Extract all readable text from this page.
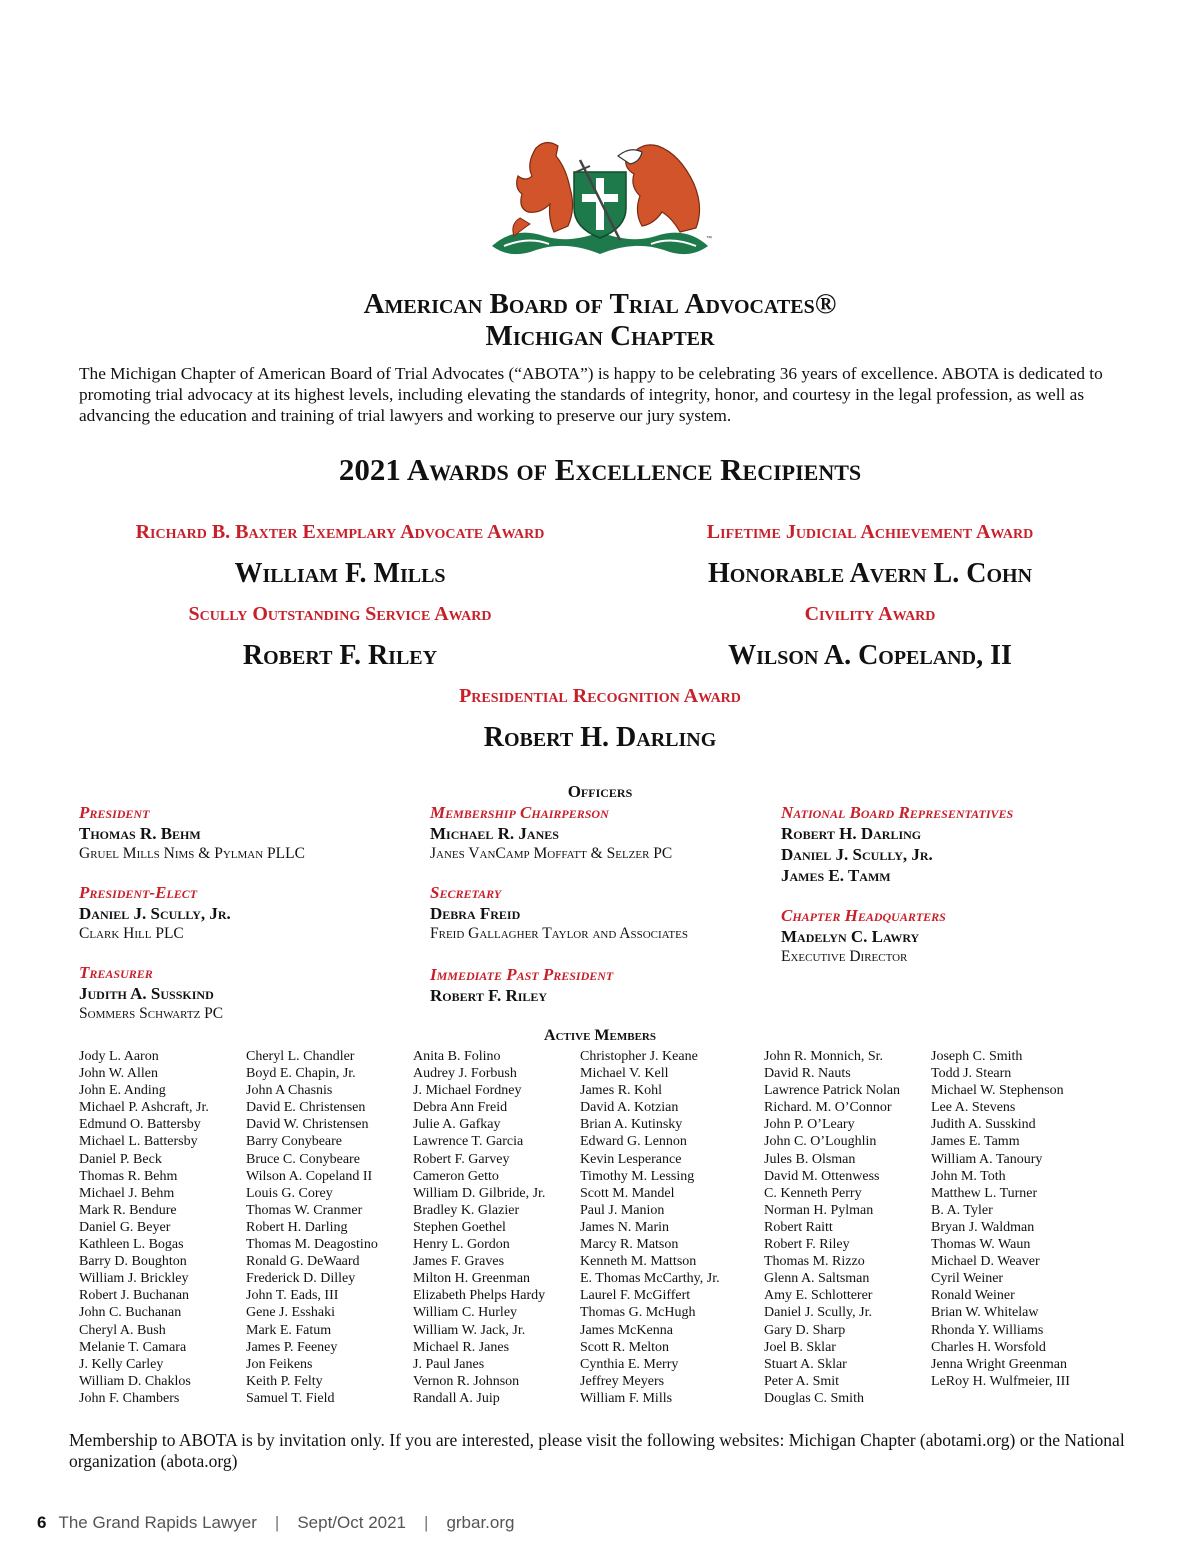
™
American Board of Trial Advocates®
Michigan Chapter
The Michigan Chapter of American Board of Trial Advocates (“ABOTA”) is happy to be celebrating 36 years of excellence. ABOTA is dedicated to promoting trial advocacy at its highest levels, including elevating the standards of integrity, honor, and courtesy in the legal profession, as well as advancing the education and training of trial lawyers and working to preserve our jury system.
2021 Awards of Excellence Recipients
Richard B. Baxter Exemplary Advocate Award
William F. Mills
Lifetime Judicial Achievement Award
Honorable Avern L. Cohn
Scully Outstanding Service Award
Robert F. Riley
Civility Award
Wilson A. Copeland, II
Presidential Recognition Award
Robert H. Darling
Officers
President
Thomas R. Behm
Gruel Mills Nims & Pylman PLLC
President-Elect
Daniel J. Scully, Jr.
Clark Hill PLC
Treasurer
Judith A. Susskind
Sommers Schwartz PC
Membership Chairperson
Michael R. Janes
Janes VanCamp Moffatt & Selzer PC
Secretary
Debra Freid
Freid Gallagher Taylor and Associates
Immediate Past President
Robert F. Riley
National Board Representatives
Robert H. Darling
Daniel J. Scully, Jr.
James E. Tamm
Chapter Headquarters
Madelyn C. Lawry
Executive Director
Active Members
Jody L. Aaron
John W. Allen
John E. Anding
Michael P. Ashcraft, Jr.
Edmund O. Battersby
Michael L. Battersby
Daniel P. Beck
Thomas R. Behm
Michael J. Behm
Mark R. Bendure
Daniel G. Beyer
Kathleen L. Bogas
Barry D. Boughton
William J. Brickley
Robert J. Buchanan
John C. Buchanan
Cheryl A. Bush
Melanie T. Camara
J. Kelly Carley
William D. Chaklos
John F. Chambers
Cheryl L. Chandler
Boyd E. Chapin, Jr.
John A Chasnis
David E. Christensen
David W. Christensen
Barry Conybeare
Bruce C. Conybeare
Wilson A. Copeland II
Louis G. Corey
Thomas W. Cranmer
Robert H. Darling
Thomas M. Deagostino
Ronald G. DeWaard
Frederick D. Dilley
John T. Eads, III
Gene J. Esshaki
Mark E. Fatum
James P. Feeney
Jon Feikens
Keith P. Felty
Samuel T. Field
Anita B. Folino
Audrey J. Forbush
J. Michael Fordney
Debra Ann Freid
Julie A. Gafkay
Lawrence T. Garcia
Robert F. Garvey
Cameron Getto
William D. Gilbride, Jr.
Bradley K. Glazier
Stephen Goethel
Henry L. Gordon
James F. Graves
Milton H. Greenman
Elizabeth Phelps Hardy
William C. Hurley
William W. Jack, Jr.
Michael R. Janes
J. Paul Janes
Vernon R. Johnson
Randall A. Juip
Christopher J. Keane
Michael V. Kell
James R. Kohl
David A. Kotzian
Brian A. Kutinsky
Edward G. Lennon
Kevin Lesperance
Timothy M. Lessing
Scott M. Mandel
Paul J. Manion
James N. Marin
Marcy R. Matson
Kenneth M. Mattson
E. Thomas McCarthy, Jr.
Laurel F. McGiffert
Thomas G. McHugh
James McKenna
Scott R. Melton
Cynthia E. Merry
Jeffrey Meyers
William F. Mills
John R. Monnich, Sr.
David R. Nauts
Lawrence Patrick Nolan
Richard. M. O’Connor
John P. O’Leary
John C. O’Loughlin
Jules B. Olsman
David M. Ottenwess
C. Kenneth Perry
Norman H. Pylman
Robert Raitt
Robert F. Riley
Thomas M. Rizzo
Glenn A. Saltsman
Amy E. Schlotterer
Daniel J. Scully, Jr.
Gary D. Sharp
Joel B. Sklar
Stuart A. Sklar
Peter A. Smit
Douglas C. Smith
Joseph C. Smith
Todd J. Stearn
Michael W. Stephenson
Lee A. Stevens
Judith A. Susskind
James E. Tamm
William A. Tanoury
John M. Toth
Matthew L. Turner
B. A. Tyler
Bryan J. Waldman
Thomas W. Waun
Michael D. Weaver
Cyril Weiner
Ronald Weiner
Brian W. Whitelaw
Rhonda Y. Williams
Charles H. Worsfold
Jenna Wright Greenman
LeRoy H. Wulfmeier, III
Membership to ABOTA is by invitation only. If you are interested, please visit the following websites: Michigan Chapter (abotami.org) or the National organization (abota.org)
6 The Grand Rapids Lawyer | Sept/Oct 2021 | grbar.org
